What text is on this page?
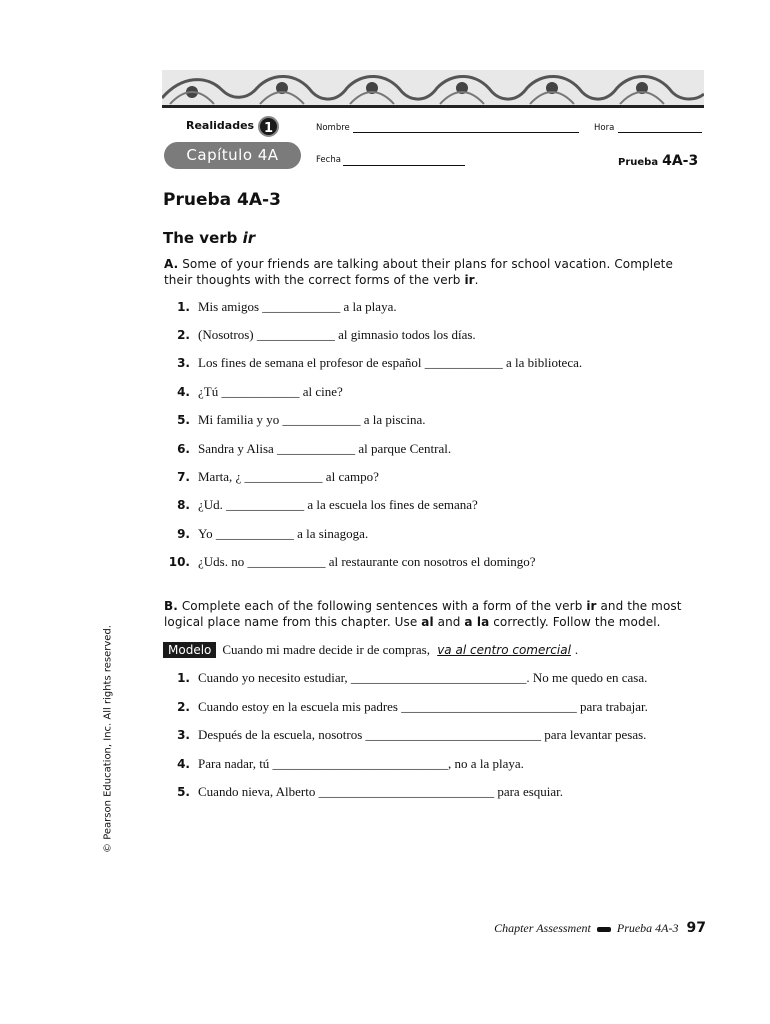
Realidades 1	Nombre	Hora
Capítulo 4A	Fecha	Prueba 4A-3
Prueba 4A-3
The verb ir
A. Some of your friends are talking about their plans for school vacation. Complete their thoughts with the correct forms of the verb ir.
1. Mis amigos ____________ a la playa.
2. (Nosotros) ____________ al gimnasio todos los días.
3. Los fines de semana el profesor de español ____________ a la biblioteca.
4. ¿Tú ____________ al cine?
5. Mi familia y yo ____________ a la piscina.
6. Sandra y Alisa ____________ al parque Central.
7. Marta, ¿ ____________ al campo?
8. ¿Ud. ____________ a la escuela los fines de semana?
9. Yo ____________ a la sinagoga.
10. ¿Uds. no ____________ al restaurante con nosotros el domingo?
B. Complete each of the following sentences with a form of the verb ir and the most logical place name from this chapter. Use al and a la correctly. Follow the model.
Modelo Cuando mi madre decide ir de compras, va al centro comercial .
1. Cuando yo necesito estudiar, ___________________________. No me quedo en casa.
2. Cuando estoy en la escuela mis padres ___________________________ para trabajar.
3. Después de la escuela, nosotros ___________________________ para levantar pesas.
4. Para nadar, tú ___________________________, no a la playa.
5. Cuando nieva, Alberto ___________________________ para esquiar.
© Pearson Education, Inc. All rights reserved.
Chapter Assessment Prueba 4A-3 97
